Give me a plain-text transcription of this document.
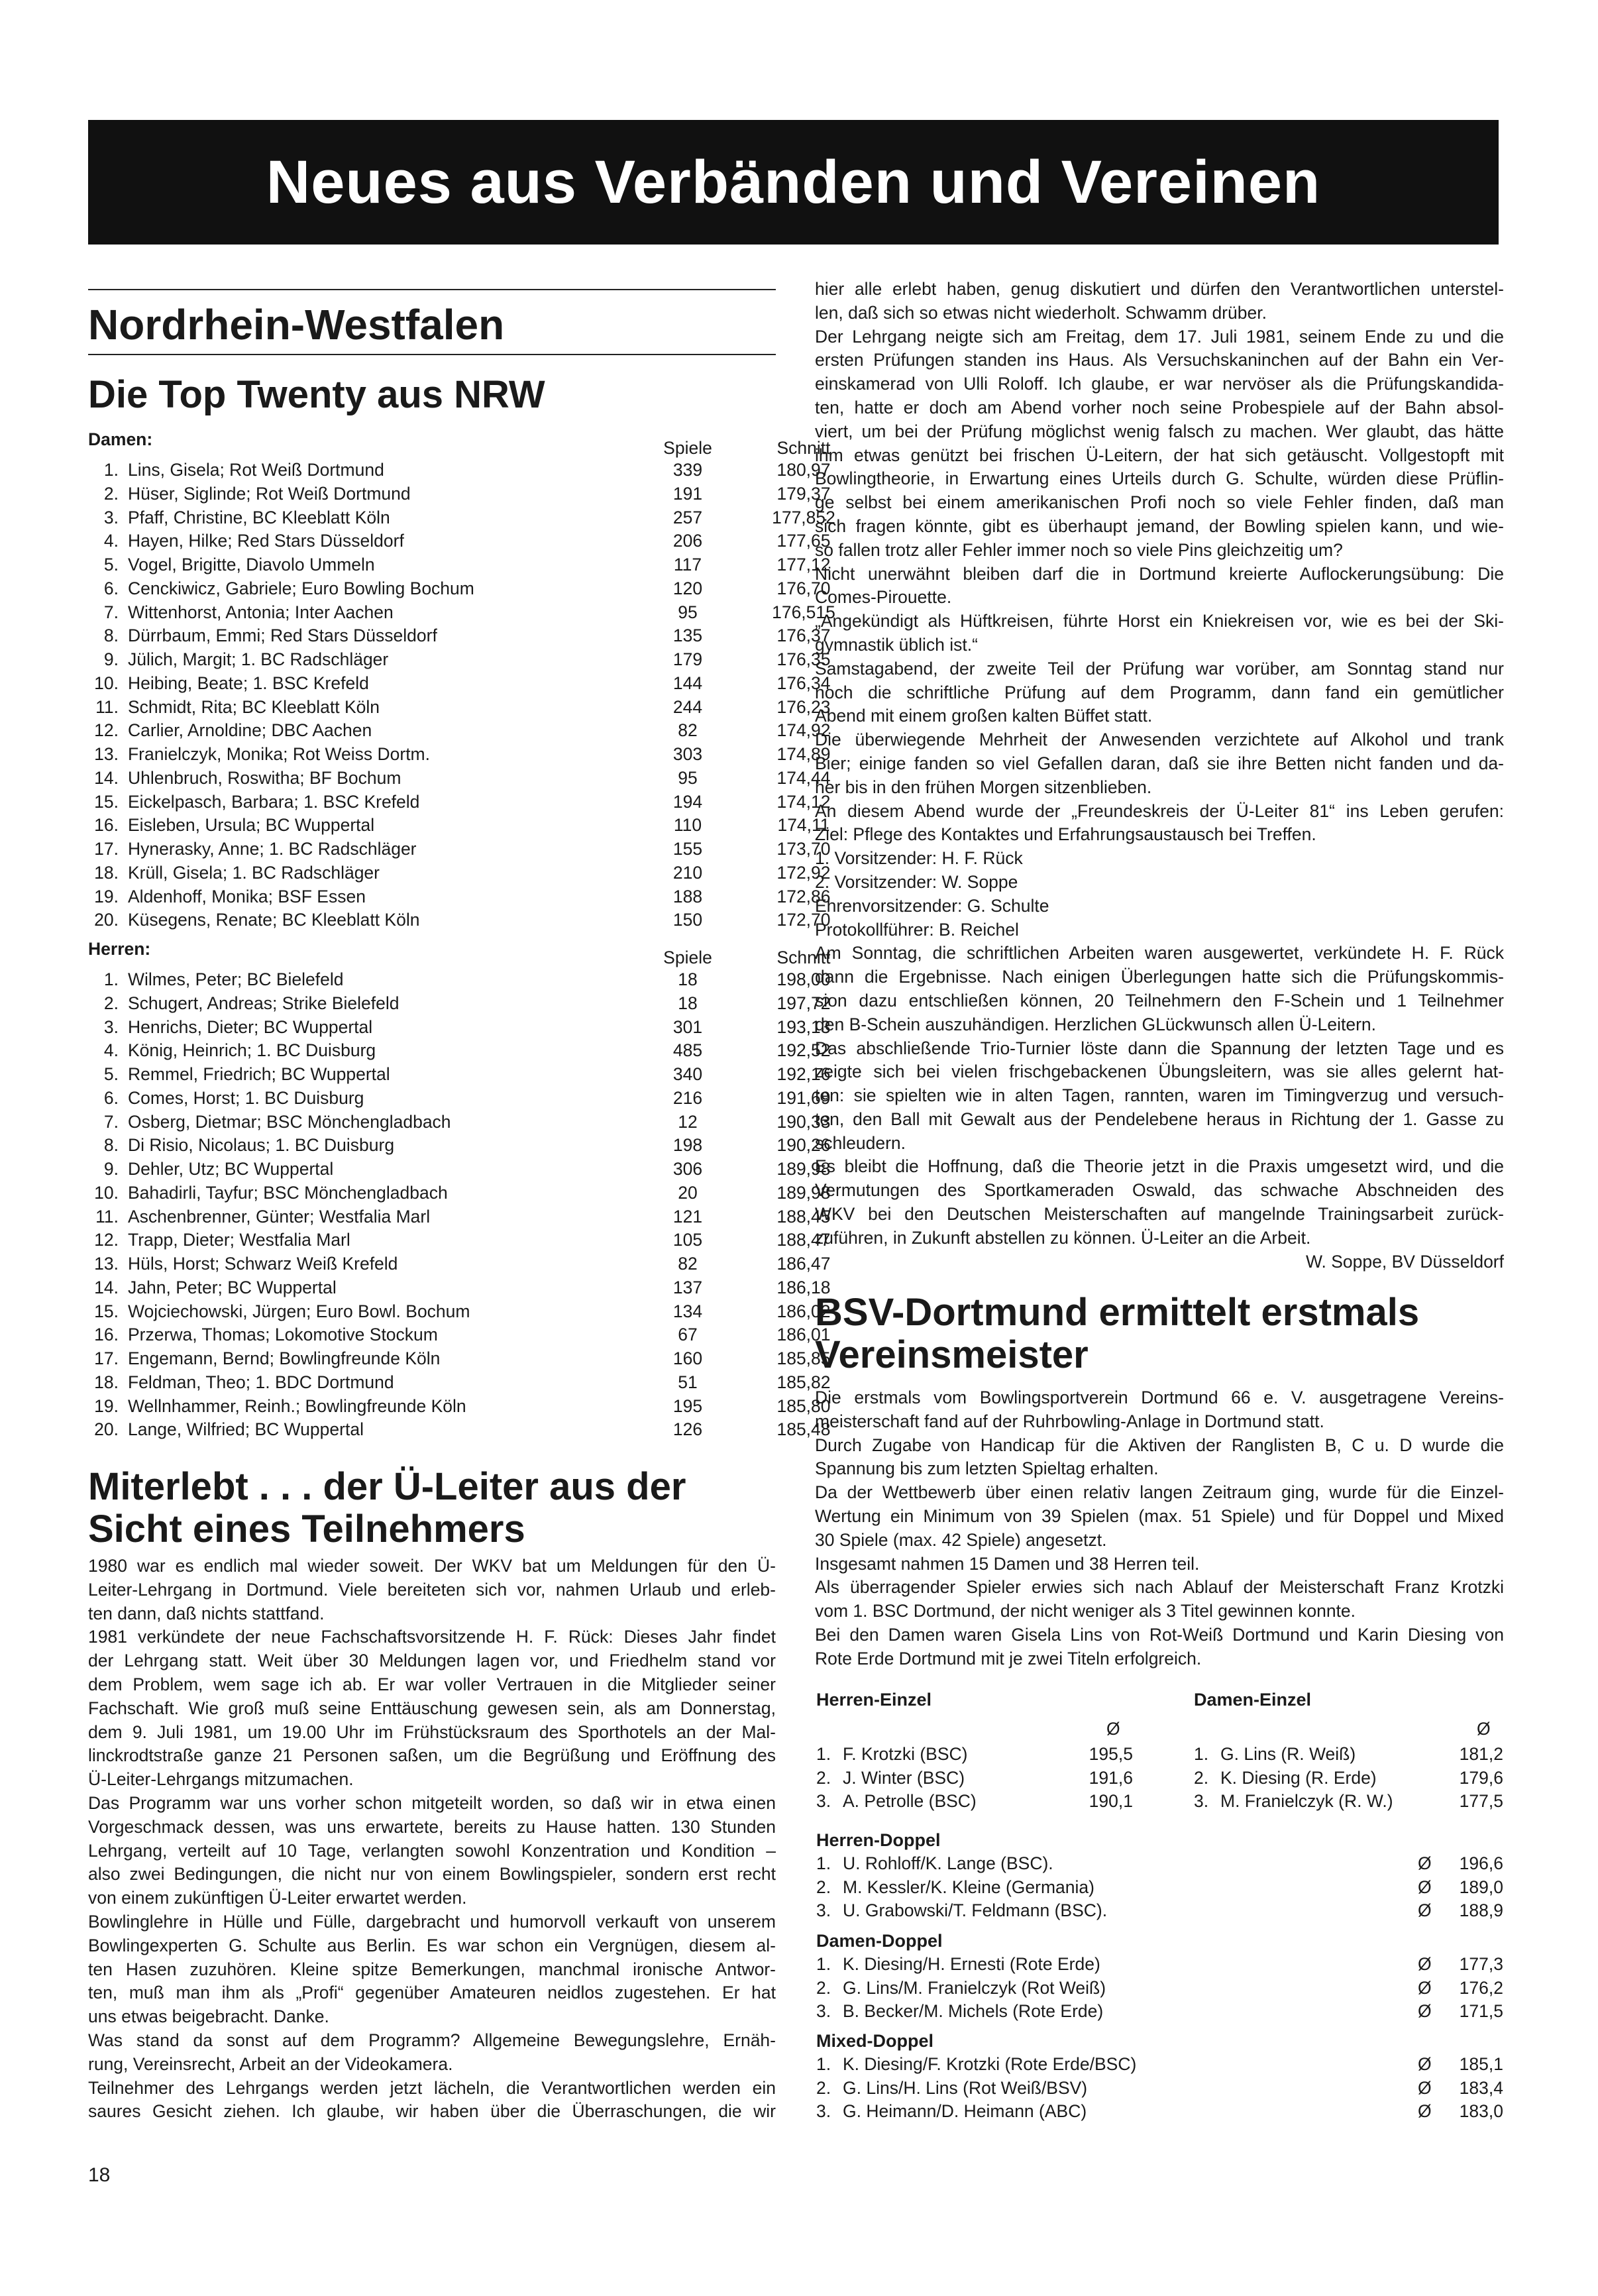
Neues aus Verbänden und Vereinen
Nordrhein-Westfalen
Die Top Twenty aus NRW
Damen:	Spiele	Schnitt
1. Lins, Gisela; Rot Weiß Dortmund	339	180,97
2. Hüser, Siglinde; Rot Weiß Dortmund	191	179,37
3. Pfaff, Christine, BC Kleeblatt Köln	257	177,852
4. Hayen, Hilke; Red Stars Düsseldorf	206	177,65
5. Vogel, Brigitte, Diavolo Ummeln	117	177,12
6. Cenckiwicz, Gabriele; Euro Bowling Bochum	120	176,70
7. Wittenhorst, Antonia; Inter Aachen	95	176,515
8. Dürrbaum, Emmi; Red Stars Düsseldorf	135	176,37
9. Jülich, Margit; 1. BC Radschläger	179	176,35
10. Heibing, Beate; 1. BSC Krefeld	144	176,34
11. Schmidt, Rita; BC Kleeblatt Köln	244	176,23
12. Carlier, Arnoldine; DBC Aachen	82	174,92
13. Franielczyk, Monika; Rot Weiss Dortm.	303	174,89
14. Uhlenbruch, Roswitha; BF Bochum	95	174,44
15. Eickelpasch, Barbara; 1. BSC Krefeld	194	174,12
16. Eisleben, Ursula; BC Wuppertal	110	174,11
17. Hynerasky, Anne; 1. BC Radschläger	155	173,70
18. Krüll, Gisela; 1. BC Radschläger	210	172,92
19. Aldenhoff, Monika; BSF Essen	188	172,86
20. Küsegens, Renate; BC Kleeblatt Köln	150	172,70
Herren:	Spiele	Schnitt
1. Wilmes, Peter; BC Bielefeld	18	198,00
2. Schugert, Andreas; Strike Bielefeld	18	197,72
3. Henrichs, Dieter; BC Wuppertal	301	193,13
4. König, Heinrich; 1. BC Duisburg	485	192,52
5. Remmel, Friedrich; BC Wuppertal	340	192,16
6. Comes, Horst; 1. BC Duisburg	216	191,69
7. Osberg, Dietmar; BSC Mönchengladbach	12	190,33
8. Di Risio, Nicolaus; 1. BC Duisburg	198	190,26
9. Dehler, Utz; BC Wuppertal	306	189,98
10. Bahadirli, Tayfur; BSC Mönchengladbach	20	189,98
11. Aschenbrenner, Günter; Westfalia Marl	121	188,45
12. Trapp, Dieter; Westfalia Marl	105	188,47
13. Hüls, Horst; Schwarz Weiß Krefeld	82	186,47
14. Jahn, Peter; BC Wuppertal	137	186,18
15. Wojciechowski, Jürgen; Euro Bowl. Bochum	134	186,02
16. Przerwa, Thomas; Lokomotive Stockum	67	186,01
17. Engemann, Bernd; Bowlingfreunde Köln	160	185,85
18. Feldman, Theo; 1. BDC Dortmund	51	185,82
19. Wellnhammer, Reinh.; Bowlingfreunde Köln	195	185,80
20. Lange, Wilfried; BC Wuppertal	126	185,48
Miterlebt . . . der Ü-Leiter aus der
Sicht eines Teilnehmers
1980 war es endlich mal wieder soweit. Der WKV bat um Meldungen für den Ü-
Leiter-Lehrgang in Dortmund. Viele bereiteten sich vor, nahmen Urlaub und erleb-
ten dann, daß nichts stattfand.
1981 verkündete der neue Fachschaftsvorsitzende H. F. Rück: Dieses Jahr findet
der Lehrgang statt. Weit über 30 Meldungen lagen vor, und Friedhelm stand vor
dem Problem, wem sage ich ab. Er war voller Vertrauen in die Mitglieder seiner
Fachschaft. Wie groß muß seine Enttäuschung gewesen sein, als am Donnerstag,
dem 9. Juli 1981, um 19.00 Uhr im Frühstücksraum des Sporthotels an der Mal-
linckrodtstraße ganze 21 Personen saßen, um die Begrüßung und Eröffnung des
Ü-Leiter-Lehrgangs mitzumachen.
Das Programm war uns vorher schon mitgeteilt worden, so daß wir in etwa einen
Vorgeschmack dessen, was uns erwartete, bereits zu Hause hatten. 130 Stunden
Lehrgang, verteilt auf 10 Tage, verlangten sowohl Konzentration und Kondition –
also zwei Bedingungen, die nicht nur von einem Bowlingspieler, sondern erst recht
von einem zukünftigen Ü-Leiter erwartet werden.
Bowlinglehre in Hülle und Fülle, dargebracht und humorvoll verkauft von unserem
Bowlingexperten G. Schulte aus Berlin. Es war schon ein Vergnügen, diesem al-
ten Hasen zuzuhören. Kleine spitze Bemerkungen, manchmal ironische Antwor-
ten, muß man ihm als „Profi“ gegenüber Amateuren neidlos zugestehen. Er hat
uns etwas beigebracht. Danke.
Was stand da sonst auf dem Programm? Allgemeine Bewegungslehre, Ernäh-
rung, Vereinsrecht, Arbeit an der Videokamera.
Teilnehmer des Lehrgangs werden jetzt lächeln, die Verantwortlichen werden ein
saures Gesicht ziehen. Ich glaube, wir haben über die Überraschungen, die wir
18
hier alle erlebt haben, genug diskutiert und dürfen den Verantwortlichen unterstel-
len, daß sich so etwas nicht wiederholt. Schwamm drüber.
Der Lehrgang neigte sich am Freitag, dem 17. Juli 1981, seinem Ende zu und die
ersten Prüfungen standen ins Haus. Als Versuchskaninchen auf der Bahn ein Ver-
einskamerad von Ulli Roloff. Ich glaube, er war nervöser als die Prüfungskandida-
ten, hatte er doch am Abend vorher noch seine Probespiele auf der Bahn absol-
viert, um bei der Prüfung möglichst wenig falsch zu machen. Wer glaubt, das hätte
ihm etwas genützt bei frischen Ü-Leitern, der hat sich getäuscht. Vollgestopft mit
Bowlingtheorie, in Erwartung eines Urteils durch G. Schulte, würden diese Prüflin-
ge selbst bei einem amerikanischen Profi noch so viele Fehler finden, daß man
sich fragen könnte, gibt es überhaupt jemand, der Bowling spielen kann, und wie-
so fallen trotz aller Fehler immer noch so viele Pins gleichzeitig um?
Nicht unerwähnt bleiben darf die in Dortmund kreierte Auflockerungsübung: Die
Comes-Pirouette.
„Angekündigt als Hüftkreisen, führte Horst ein Kniekreisen vor, wie es bei der Ski-
gymnastik üblich ist.“
Samstagabend, der zweite Teil der Prüfung war vorüber, am Sonntag stand nur
noch die schriftliche Prüfung auf dem Programm, dann fand ein gemütlicher
Abend mit einem großen kalten Büffet statt.
Die überwiegende Mehrheit der Anwesenden verzichtete auf Alkohol und trank
Bier; einige fanden so viel Gefallen daran, daß sie ihre Betten nicht fanden und da-
her bis in den frühen Morgen sitzenblieben.
An diesem Abend wurde der „Freundeskreis der Ü-Leiter 81“ ins Leben gerufen:
Ziel: Pflege des Kontaktes und Erfahrungsaustausch bei Treffen.
1. Vorsitzender: H. F. Rück
2. Vorsitzender: W. Soppe
Ehrenvorsitzender: G. Schulte
Protokollführer: B. Reichel
Am Sonntag, die schriftlichen Arbeiten waren ausgewertet, verkündete H. F. Rück
dann die Ergebnisse. Nach einigen Überlegungen hatte sich die Prüfungskommis-
sion dazu entschließen können, 20 Teilnehmern den F-Schein und 1 Teilnehmer
den B-Schein auszuhändigen. Herzlichen GLückwunsch allen Ü-Leitern.
Das abschließende Trio-Turnier löste dann die Spannung der letzten Tage und es
zeigte sich bei vielen frischgebackenen Übungsleitern, was sie alles gelernt hat-
ten: sie spielten wie in alten Tagen, rannten, waren im Timingverzug und versuch-
ten, den Ball mit Gewalt aus der Pendelebene heraus in Richtung der 1. Gasse zu
schleudern.
Es bleibt die Hoffnung, daß die Theorie jetzt in die Praxis umgesetzt wird, und die
Vermutungen des Sportkameraden Oswald, das schwache Abschneiden des
WKV bei den Deutschen Meisterschaften auf mangelnde Trainingsarbeit zurück-
zuführen, in Zukunft abstellen zu können. Ü-Leiter an die Arbeit.
W. Soppe, BV Düsseldorf
BSV-Dortmund ermittelt erstmals
Vereinsmeister
Die erstmals vom Bowlingsportverein Dortmund 66 e. V. ausgetragene Vereins-
meisterschaft fand auf der Ruhrbowling-Anlage in Dortmund statt.
Durch Zugabe von Handicap für die Aktiven der Ranglisten B, C u. D wurde die
Spannung bis zum letzten Spieltag erhalten.
Da der Wettbewerb über einen relativ langen Zeitraum ging, wurde für die Einzel-
Wertung ein Minimum von 39 Spielen (max. 51 Spiele) und für Doppel und Mixed
30 Spiele (max. 42 Spiele) angesetzt.
Insgesamt nahmen 15 Damen und 38 Herren teil.
Als überragender Spieler erwies sich nach Ablauf der Meisterschaft Franz Krotzki
vom 1. BSC Dortmund, der nicht weniger als 3 Titel gewinnen konnte.
Bei den Damen waren Gisela Lins von Rot-Weiß Dortmund und Karin Diesing von
Rote Erde Dortmund mit je zwei Titeln erfolgreich.
Herren-Einzel
Ø
1. F. Krotzki (BSC)	195,5
2. J. Winter (BSC)	191,6
3. A. Petrolle (BSC)	190,1
Damen-Einzel
Ø
1. G. Lins (R. Weiß)	181,2
2. K. Diesing (R. Erde)	179,6
3. M. Franielczyk (R. W.)	177,5
Herren-Doppel
1. U. Rohloff/K. Lange (BSC).	Ø	196,6
2. M. Kessler/K. Kleine (Germania)	Ø	189,0
3. U. Grabowski/T. Feldmann (BSC).	Ø	188,9
Damen-Doppel
1. K. Diesing/H. Ernesti (Rote Erde)	Ø	177,3
2. G. Lins/M. Franielczyk (Rot Weiß)	Ø	176,2
3. B. Becker/M. Michels (Rote Erde)	Ø	171,5
Mixed-Doppel
1. K. Diesing/F. Krotzki (Rote Erde/BSC)	Ø	185,1
2. G. Lins/H. Lins (Rot Weiß/BSV)	Ø	183,4
3. G. Heimann/D. Heimann (ABC)	Ø	183,0
